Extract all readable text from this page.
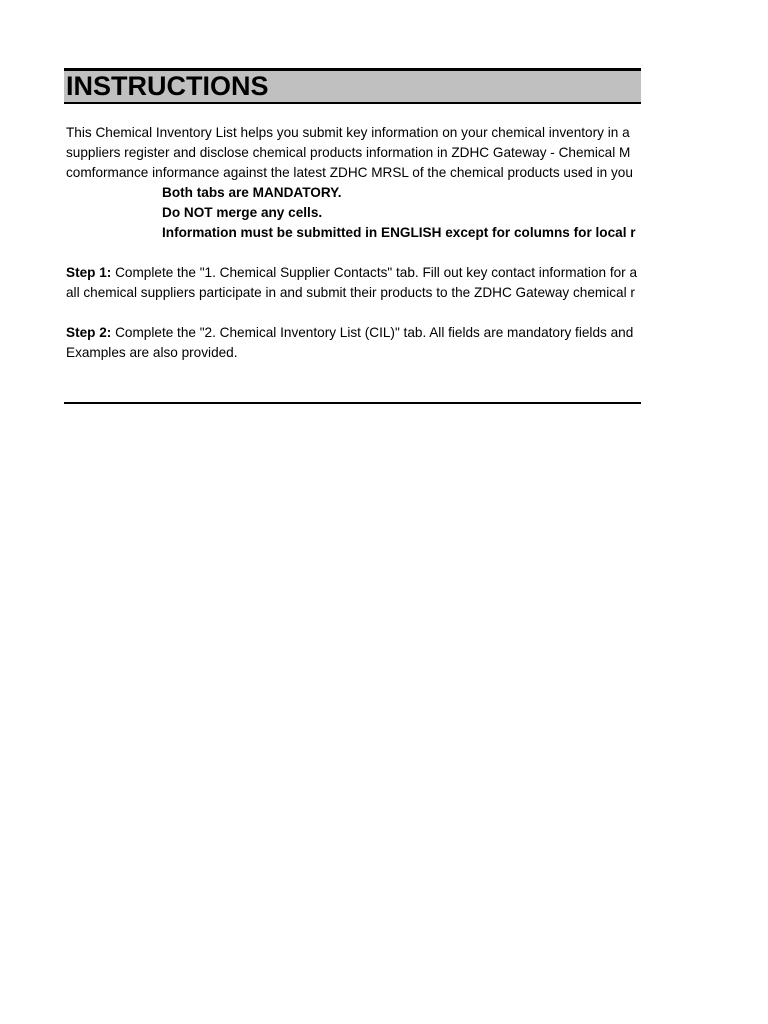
INSTRUCTIONS
This Chemical Inventory List helps you submit key information on your chemical inventory in a
suppliers register and disclose chemical products information in ZDHC Gateway - Chemical M
comformance informance against the latest ZDHC MRSL of the chemical products used in you
Both tabs are MANDATORY.
Do NOT merge any cells.
Information must be submitted in ENGLISH except for columns for local r
Step 1: Complete the "1. Chemical Supplier Contacts" tab. Fill out key contact information for a
all chemical suppliers participate in and submit their products to the ZDHC Gateway chemical r
Step 2: Complete the "2. Chemical Inventory List (CIL)" tab. All fields are mandatory fields and
Examples are also provided.
